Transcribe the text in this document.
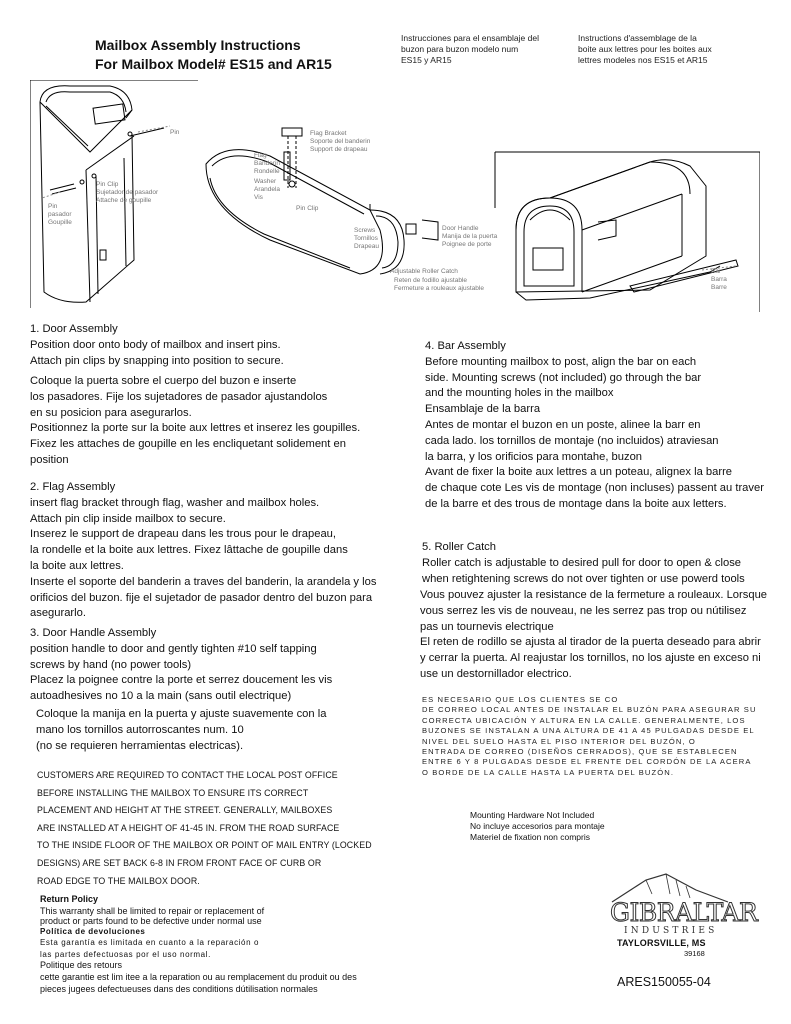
Mailbox Assembly Instructions
For Mailbox Model# ES15 and AR15
Instrucciones para el ensamblaje del
buzon para buzon modelo num
ES15 y AR15
Instructions d'assemblage de la
boite aux lettres pour les boites aux
lettres modeles nos ES15 et AR15
Pin
Pin
pasador
Goupille
Pin Clip
Sujetador de pasador
Attache de goupille
Flag Bracket
Soporte del banderin
Support de drapeau
Flag
Banderin
Rondelle
Washer
Arandela
Vis
Pin Clip
Screws
Tornillos
Drapeau
Door Handle
Manija de la puerta
Poignee de porte
Adjustable Roller Catch
Reten de fodillo ajustable
Fermeture a rouleaux ajustable
Bar
Barra
Barre
1. Door Assembly
Position door onto body of mailbox and insert pins.
Attach pin clips by snapping into position to secure.
Coloque la puerta sobre el cuerpo del buzon e inserte
los pasadores. Fije los sujetadores de pasador ajustandolos
en su posicion para asegurarlos.
Positionnez la porte sur la boite aux lettres et inserez les goupilles.
Fixez les attaches de goupille en les encliquetant solidement en
position
2. Flag Assembly
insert flag bracket through flag, washer and mailbox holes.
Attach pin clip inside mailbox to secure.
Inserez le support de drapeau dans les trous pour le drapeau,
la rondelle et la boite aux lettres. Fixez lâttache de goupille dans
la boite aux lettres.
Inserte el soporte del banderin a traves del banderin, la arandela y los
orificios del buzon. fije el sujetador de pasador dentro del buzon para
asegurarlo.
3. Door Handle Assembly
position handle to door and gently tighten #10 self tapping
screws by hand (no power tools)
Placez la poignee contre la porte et serrez doucement les vis
autoadhesives no 10 a la main (sans outil electrique)
Coloque la manija en la puerta y ajuste suavemente con la
mano los tornillos autorroscantes num. 10
(no se requieren herramientas electricas).
4. Bar Assembly
Before mounting mailbox to post, align the bar on each
side. Mounting screws (not included) go through the bar
and the mounting holes in the mailbox
Ensamblaje de la barra
Antes de montar el buzon en un poste, alinee la barr en
cada lado. los tornillos de montaje (no incluidos) atraviesan
la barra, y los orificios para montahe, buzon
Avant de fixer la boite aux lettres a un poteau, alignex la barre
de chaque cote Les vis de montage (non incluses) passent au traver
de la barre et des trous de montage dans la boite aux letters.
5. Roller Catch
Roller catch is adjustable to desired pull for door to open & close
when retightening screws do not over tighten or use powerd tools
Vous pouvez ajuster la resistance de la fermeture a rouleaux. Lorsque
vous serrez les vis de nouveau, ne les serrez pas trop ou nútilisez
pas un tournevis electrique
El reten de rodillo se ajusta al tirador de la puerta deseado para abrir
y cerrar la puerta. Al reajustar los tornillos, no los ajuste en exceso ni
use un destornillador electrico.
ES NECESARIO QUE LOS CLIENTES SE CO
DE CORREO LOCAL ANTES DE INSTALAR EL BUZÓN PARA ASEGURAR SU
CORRECTA UBICACIÓN Y ALTURA EN LA CALLE. GENERALMENTE, LOS
BUZONES SE INSTALAN A UNA ALTURA DE 41 A 45 PULGADAS DESDE EL
NIVEL DEL SUELO HASTA EL PISO INTERIOR DEL BUZÓN, O
ENTRADA DE CORREO (DISEÑOS CERRADOS), QUE SE ESTABLECEN
ENTRE 6 Y 8 PULGADAS DESDE EL FRENTE DEL CORDÓN DE LA ACERA
O BORDE DE LA CALLE HASTA LA PUERTA DEL BUZÓN.
CUSTOMERS ARE REQUIRED TO CONTACT THE LOCAL POST OFFICE
BEFORE INSTALLING THE MAILBOX TO ENSURE ITS CORRECT
PLACEMENT AND HEIGHT AT THE STREET. GENERALLY, MAILBOXES
ARE INSTALLED AT A HEIGHT OF 41-45 IN. FROM THE ROAD SURFACE
TO THE INSIDE FLOOR OF THE MAILBOX OR POINT OF MAIL ENTRY (LOCKED
DESIGNS) ARE SET BACK 6-8 IN FROM FRONT FACE OF CURB OR
ROAD EDGE TO THE MAILBOX DOOR.
Mounting Hardware Not Included
No incluye accesorios para montaje
Materiel de fixation non compris
Return Policy
This warranty shall be limited to repair or replacement of
product or parts found to be defective under normal use
Política de devoluciones
Esta garantía es limitada en cuanto a la reparación o
las partes defectuosas por el uso normal.
Politique des retours
cette garantie est lim itee a la reparation ou au remplacement du produit ou des
pieces jugees defectueuses dans des conditions dútilisation normales
GIBRALTAR
INDUSTRIES
TAYLORSVILLE, MS
39168
ARES150055-04
